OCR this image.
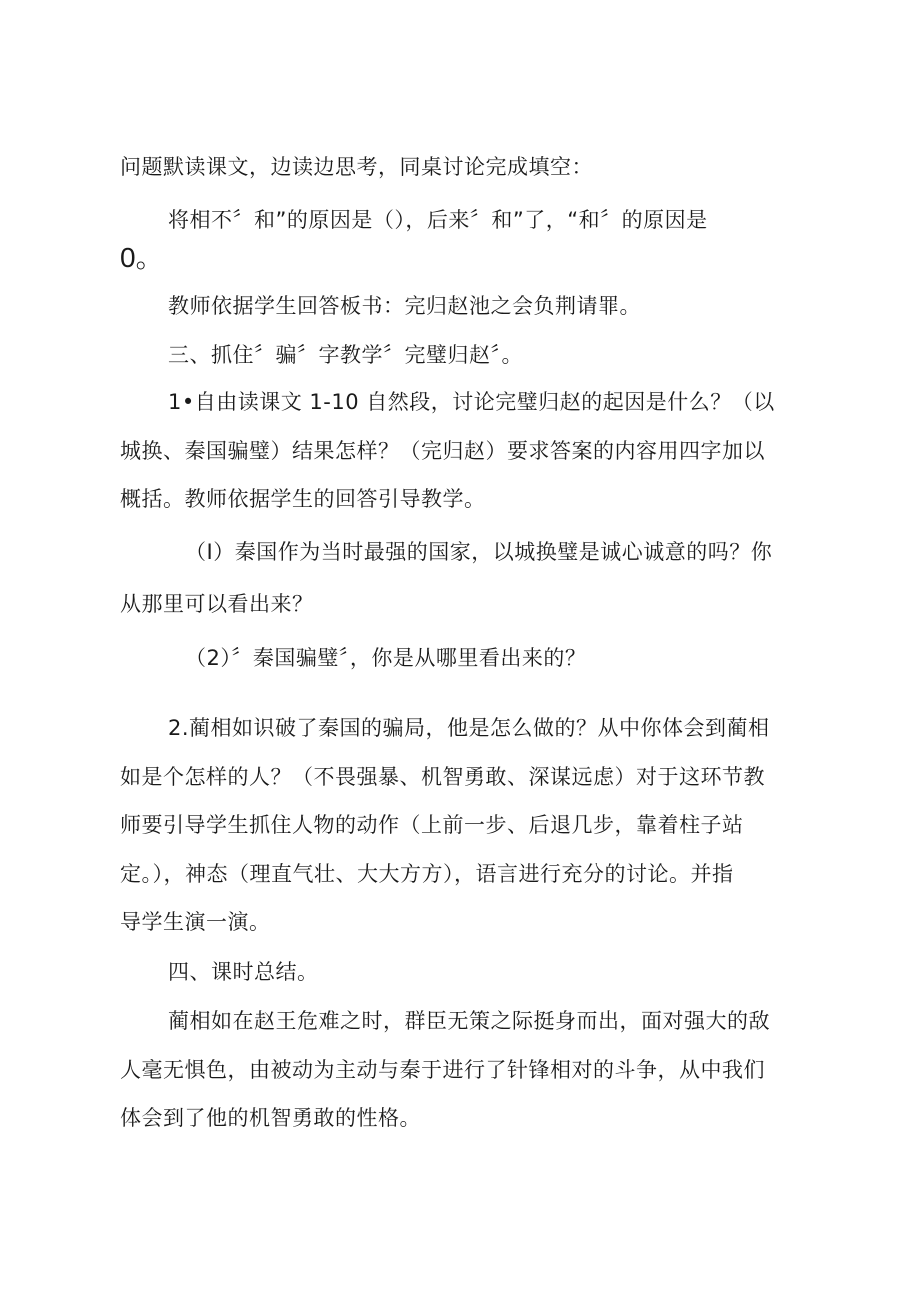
问题默读课文，边读边思考，同桌讨论完成填空：
将相不〞和”的原因是（），后来〞和”了，“和〞的原因是
0。
教师依据学生回答板书：完归赵池之会负荆请罪。
三、抓住〞骗〞字教学〞完璧归赵〞。
1•自由读课文 1-10 自然段，讨论完璧归赵的起因是什么？（以
城换、秦国骗璧）结果怎样？（完归赵）要求答案的内容用四字加以
概括。教师依据学生的回答引导教学。
（I）秦国作为当时最强的国家，以城换璧是诚心诚意的吗？你
从那里可以看出来？
（2）〞秦国骗璧〞，你是从哪里看出来的？
2.蔺相如识破了秦国的骗局，他是怎么做的？从中你体会到蔺相
如是个怎样的人？（不畏强暴、机智勇敢、深谋远虑）对于这环节教
师要引导学生抓住人物的动作（上前一步、后退几步，靠着柱子站
定。），神态（理直气壮、大大方方），语言进行充分的讨论。并指
导学生演一演。
四、课时总结。
蔺相如在赵王危难之时，群臣无策之际挺身而出，面对强大的敌
人毫无惧色，由被动为主动与秦于进行了针锋相对的斗争，从中我们
体会到了他的机智勇敢的性格。
